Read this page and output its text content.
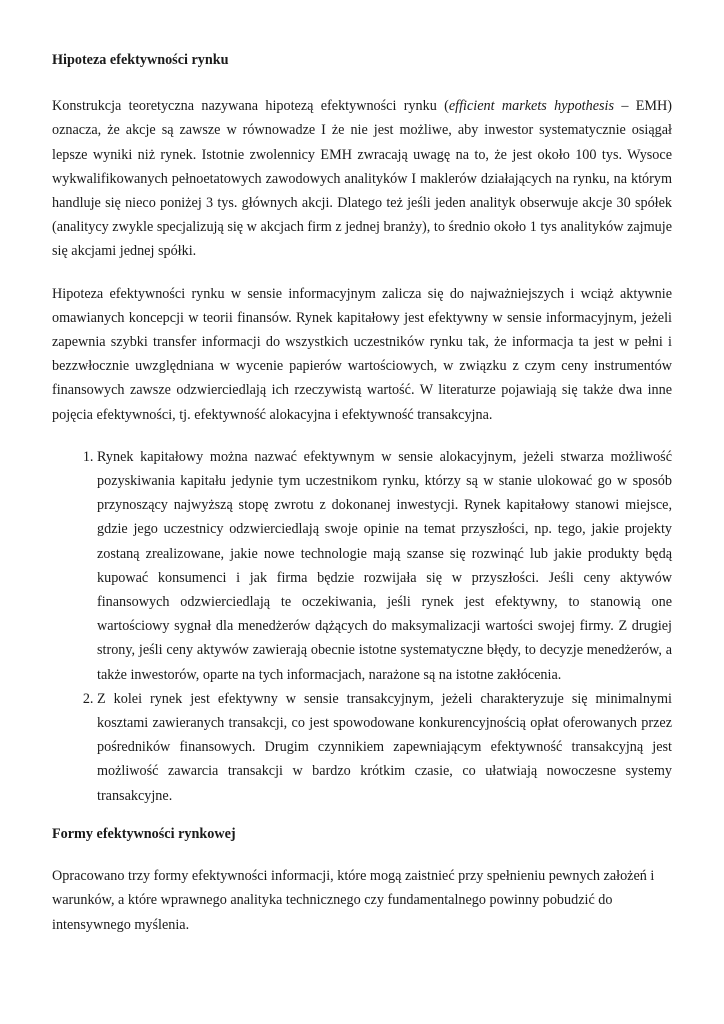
Hipoteza efektywności rynku

Konstrukcja teoretyczna nazywana hipotezą efektywności rynku (efficient markets hypothesis – EMH) oznacza, że akcje są zawsze w równowadze I że nie jest możliwe, aby inwestor systematycznie osiągał lepsze wyniki niż rynek. Istotnie zwolennicy EMH zwracają uwagę na to, że jest około 100 tys. Wysoce wykwalifikowanych pełnoetatowych zawodowych analityków I maklerów działających na rynku, na którym handluje się nieco poniżej 3 tys. głównych akcji. Dlatego też jeśli jeden analityk obserwuje akcje 30 spółek (analitycy zwykle specjalizują się w akcjach firm z jednej branży), to średnio około 1 tys analityków zajmuje się akcjami jednej spółki.

Hipoteza efektywności rynku w sensie informacyjnym zalicza się do najważniejszych i wciąż aktywnie omawianych koncepcji w teorii finansów. Rynek kapitałowy jest efektywny w sensie informacyjnym, jeżeli zapewnia szybki transfer informacji do wszystkich uczestników rynku tak, że informacja ta jest w pełni i bezzwłocznie uwzględniana w wycenie papierów wartościowych, w związku z czym ceny instrumentów finansowych zawsze odzwierciedlają ich rzeczywistą wartość. W literaturze pojawiają się także dwa inne pojęcia efektywności, tj. efektywność alokacyjna i efektywność transakcyjna.

1. Rynek kapitałowy można nazwać efektywnym w sensie alokacyjnym, jeżeli stwarza możliwość pozyskiwania kapitału jedynie tym uczestnikom rynku, którzy są w stanie ulokować go w sposób przynoszący najwyższą stopę zwrotu z dokonanej inwestycji. Rynek kapitałowy stanowi miejsce, gdzie jego uczestnicy odzwierciedlają swoje opinie na temat przyszłości, np. tego, jakie projekty zostaną zrealizowane, jakie nowe technologie mają szanse się rozwinąć lub jakie produkty będą kupować konsumenci i jak firma będzie rozwijała się w przyszłości. Jeśli ceny aktywów finansowych odzwierciedlają te oczekiwania, jeśli rynek jest efektywny, to stanowią one wartościowy sygnał dla menedżerów dążących do maksymalizacji wartości swojej firmy. Z drugiej strony, jeśli ceny aktywów zawierają obecnie istotne systematyczne błędy, to decyzje menedżerów, a także inwestorów, oparte na tych informacjach, narażone są na istotne zakłócenia.
2. Z kolei rynek jest efektywny w sensie transakcyjnym, jeżeli charakteryzuje się minimalnymi kosztami zawieranych transakcji, co jest spowodowane konkurencyjnością opłat oferowanych przez pośredników finansowych. Drugim czynnikiem zapewniającym efektywność transakcyjną jest możliwość zawarcia transakcji w bardzo krótkim czasie, co ułatwiają nowoczesne systemy transakcyjne.
Formy efektywności rynkowej

Opracowano trzy formy efektywności informacji, które mogą zaistnieć przy spełnieniu pewnych założeń i warunków, a które wprawnego analityka technicznego czy fundamentalnego powinny pobudzić do intensywnego myślenia.
